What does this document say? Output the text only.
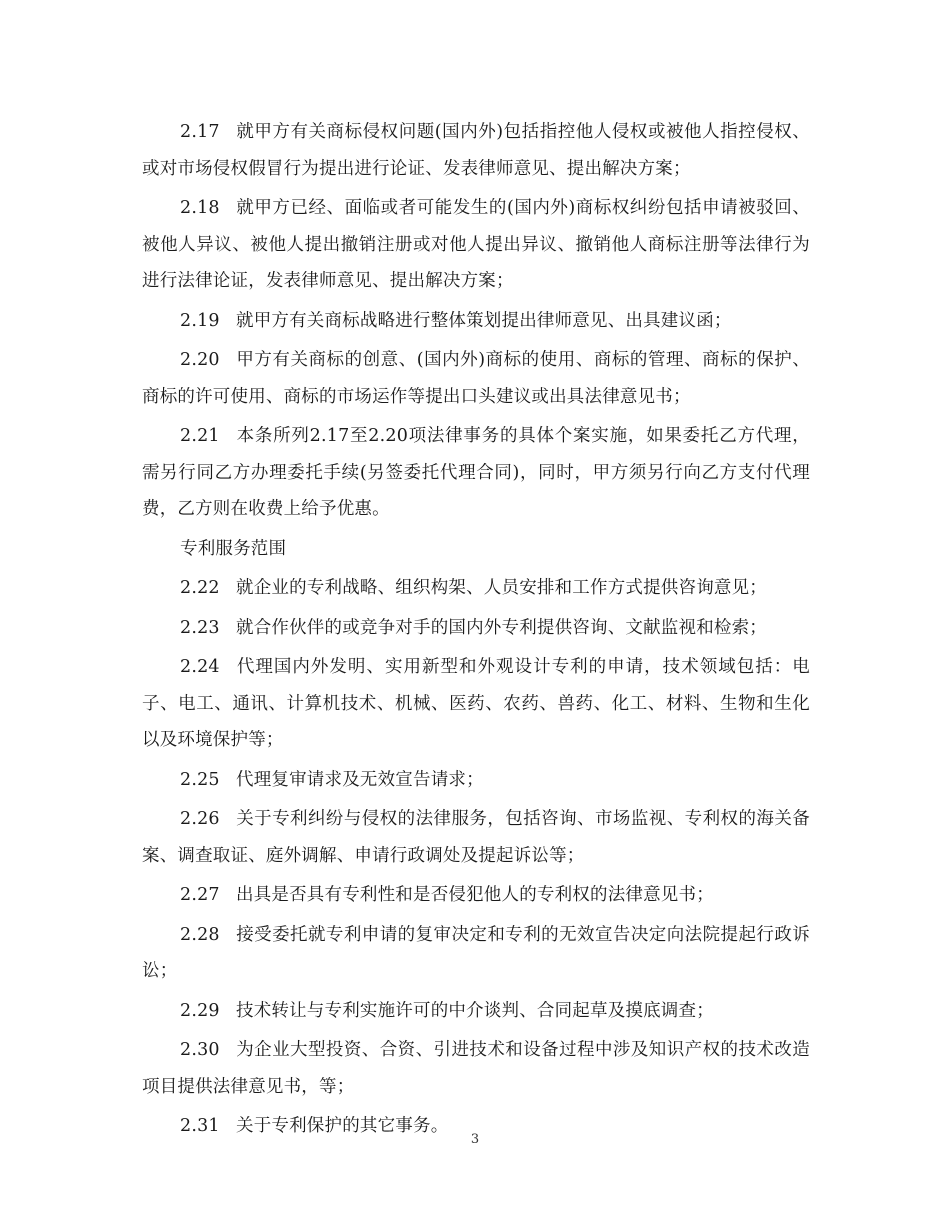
2.17 就甲方有关商标侵权问题(国内外)包括指控他人侵权或被他人指控侵权、或对市场侵权假冒行为提出进行论证、发表律师意见、提出解决方案；

2.18 就甲方已经、面临或者可能发生的(国内外)商标权纠纷包括申请被驳回、被他人异议、被他人提出撤销注册或对他人提出异议、撤销他人商标注册等法律行为进行法律论证，发表律师意见、提出解决方案；

2.19 就甲方有关商标战略进行整体策划提出律师意见、出具建议函；

2.20 甲方有关商标的创意、(国内外)商标的使用、商标的管理、商标的保护、商标的许可使用、商标的市场运作等提出口头建议或出具法律意见书；

2.21 本条所列2.17至2.20项法律事务的具体个案实施，如果委托乙方代理，需另行同乙方办理委托手续(另签委托代理合同)，同时，甲方须另行向乙方支付代理费，乙方则在收费上给予优惠。

专利服务范围

2.22 就企业的专利战略、组织构架、人员安排和工作方式提供咨询意见；

2.23 就合作伙伴的或竞争对手的国内外专利提供咨询、文献监视和检索；

2.24 代理国内外发明、实用新型和外观设计专利的申请，技术领域包括：电子、电工、通讯、计算机技术、机械、医药、农药、兽药、化工、材料、生物和生化以及环境保护等；

2.25 代理复审请求及无效宣告请求；

2.26 关于专利纠纷与侵权的法律服务，包括咨询、市场监视、专利权的海关备案、调查取证、庭外调解、申请行政调处及提起诉讼等；

2.27 出具是否具有专利性和是否侵犯他人的专利权的法律意见书；

2.28 接受委托就专利申请的复审决定和专利的无效宣告决定向法院提起行政诉讼；

2.29 技术转让与专利实施许可的中介谈判、合同起草及摸底调查；

2.30 为企业大型投资、合资、引进技术和设备过程中涉及知识产权的技术改造项目提供法律意见书，等；

2.31 关于专利保护的其它事务。

3
